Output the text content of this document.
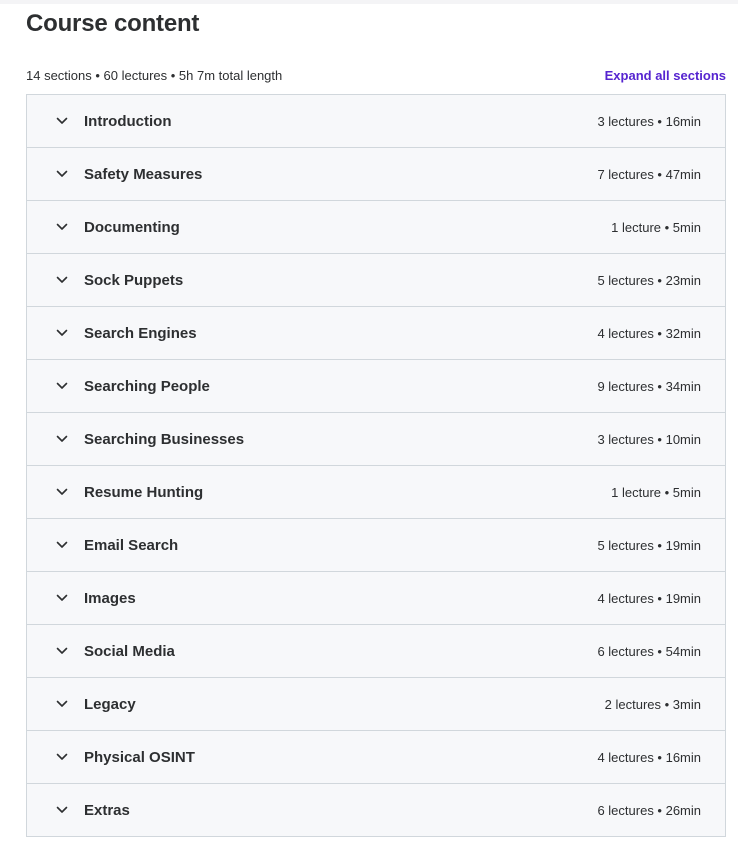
Course content
14 sections • 60 lectures • 5h 7m total length	Expand all sections
Introduction	3 lectures • 16min
Safety Measures	7 lectures • 47min
Documenting	1 lecture • 5min
Sock Puppets	5 lectures • 23min
Search Engines	4 lectures • 32min
Searching People	9 lectures • 34min
Searching Businesses	3 lectures • 10min
Resume Hunting	1 lecture • 5min
Email Search	5 lectures • 19min
Images	4 lectures • 19min
Social Media	6 lectures • 54min
Legacy	2 lectures • 3min
Physical OSINT	4 lectures • 16min
Extras	6 lectures • 26min
